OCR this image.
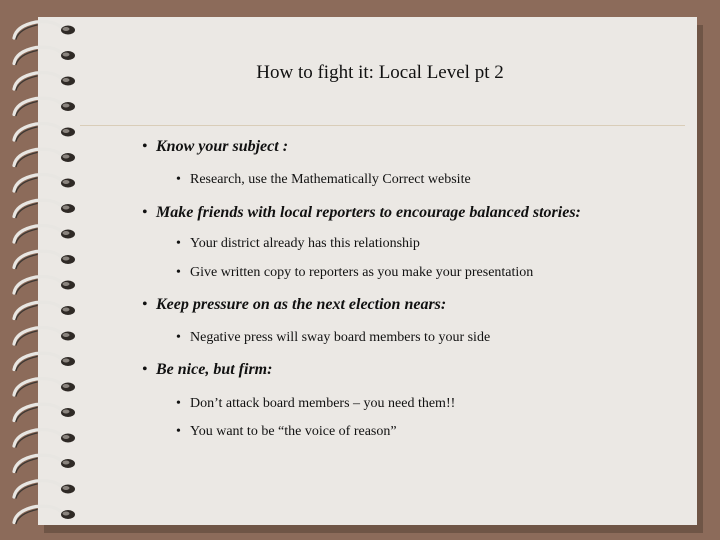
How to fight it: Local Level pt 2
• Know your subject :
• Research, use the Mathematically Correct website
• Make friends with local reporters to encourage balanced stories:
• Your district already has this relationship
• Give written copy to reporters as you make your presentation
• Keep pressure on as the next election nears:
• Negative press will sway board members to your side
• Be nice, but firm:
• Don’t attack board members – you need them!!
• You want to be “the voice of reason”
